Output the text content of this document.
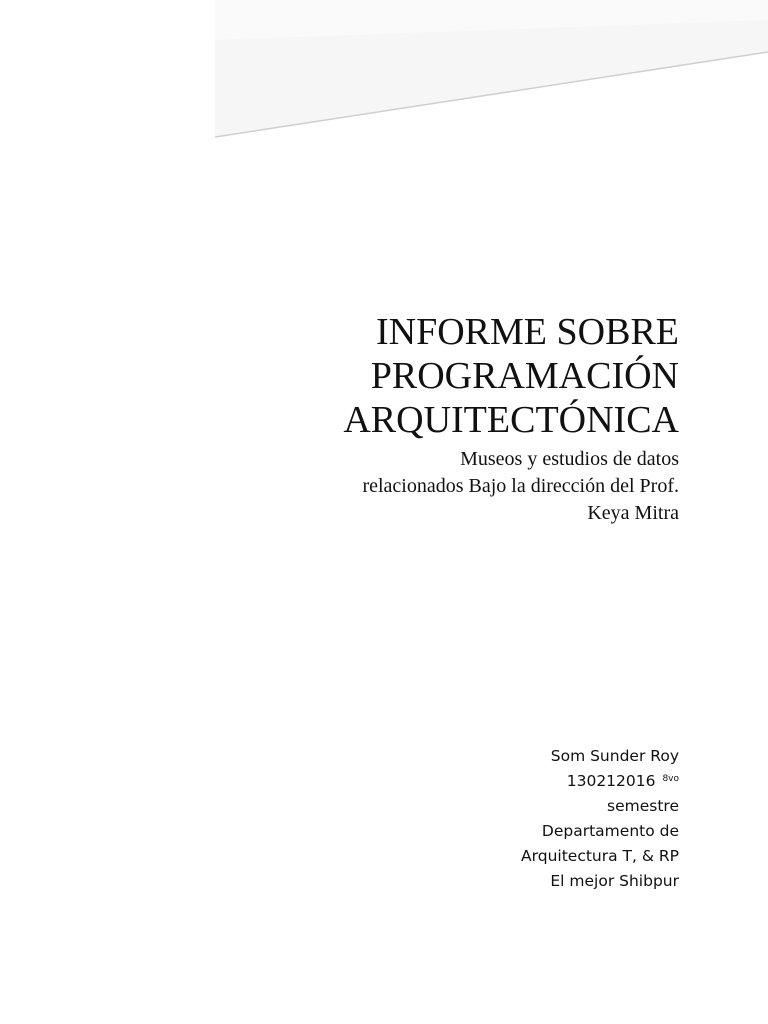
INFORME SOBRE
PROGRAMACIÓN
ARQUITECTÓNICA
Museos y estudios de datos
relacionados Bajo la dirección del Prof.
Keya Mitra
Som Sunder Roy
130212016 $^{8vo}$
semestre
Departamento de
Arquitectura T, & RP
El mejor Shibpur
